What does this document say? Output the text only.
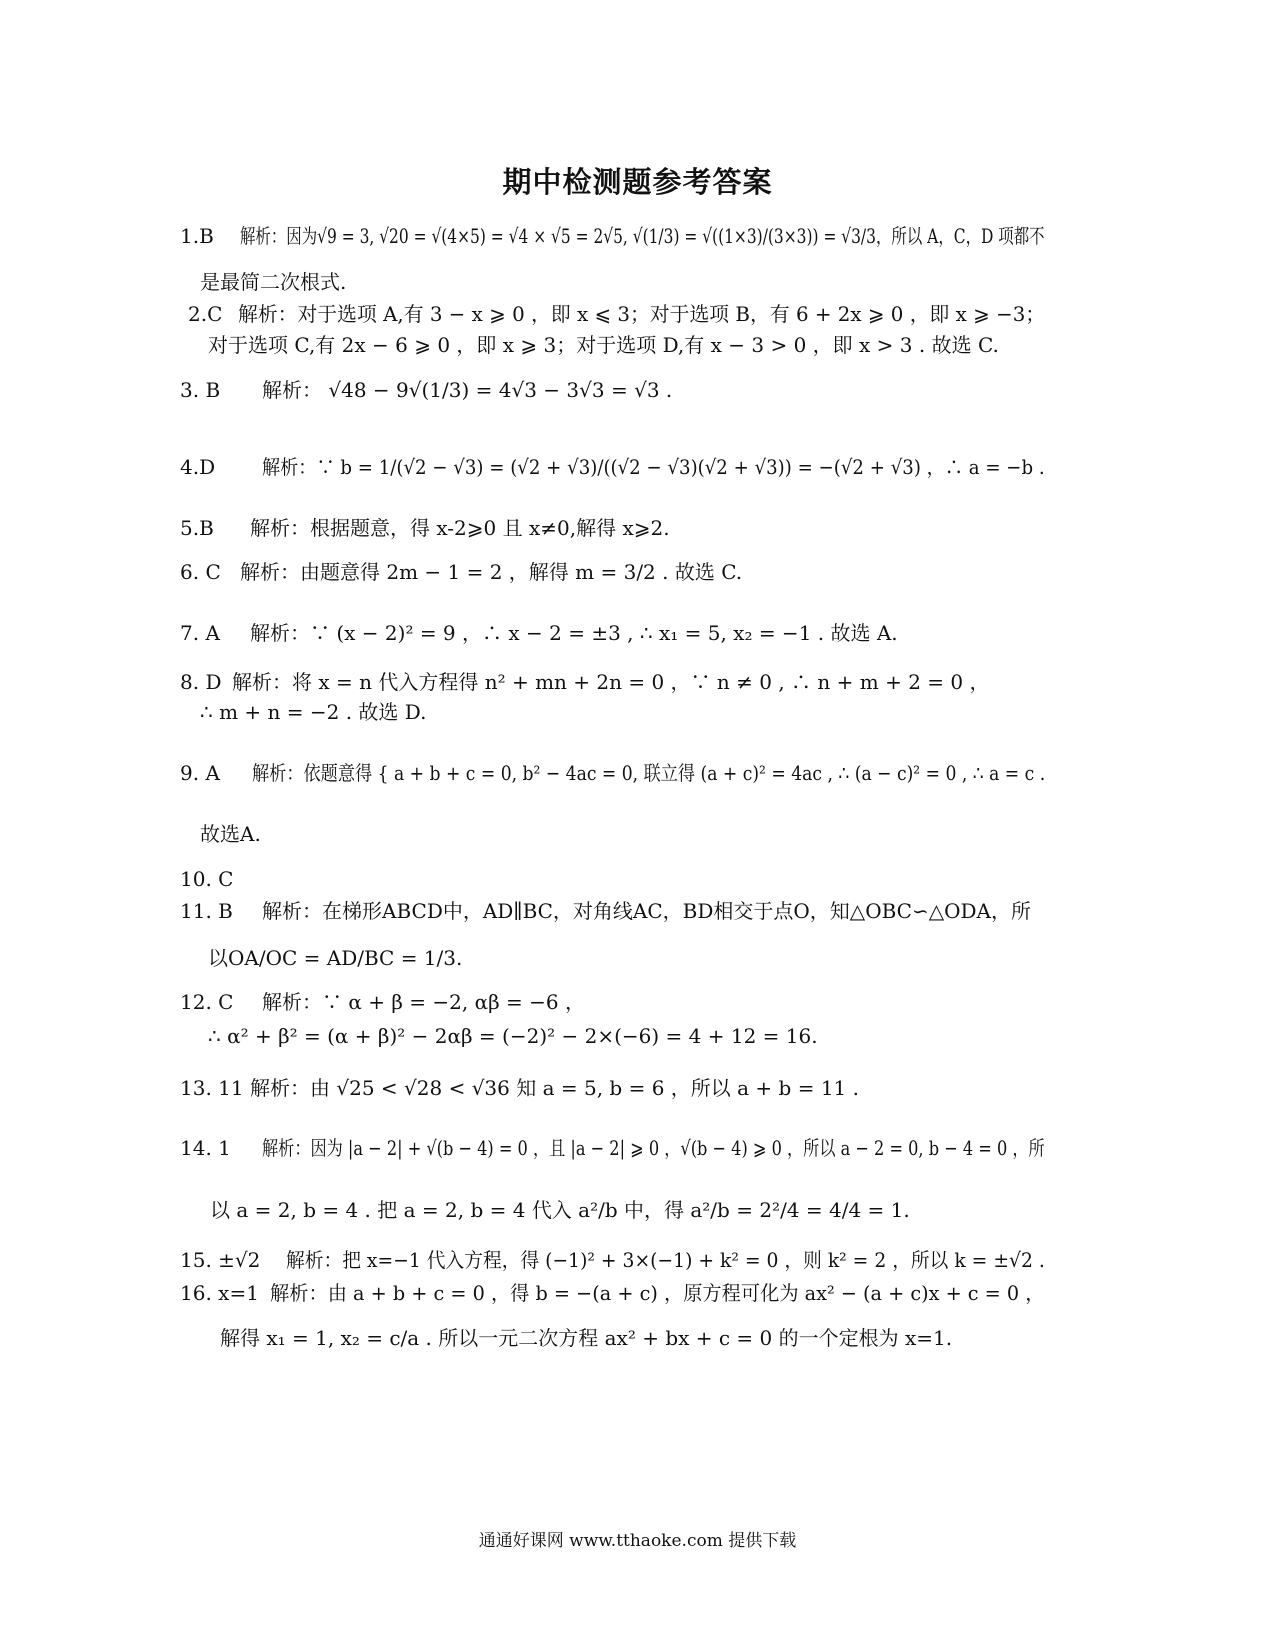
期中检测题参考答案
1.B 解析：因为√9 = 3, √20 = √(4×5) = √4 × √5 = 2√5, √(1/3) = √((1×3)/(3×3)) = √3/3，所以 A，C，D 项都不
是最简二次根式.
2.C 解析：对于选项 A,有 3 − x ⩾ 0 ，即 x ⩽ 3；对于选项 B，有 6 + 2x ⩾ 0 ，即 x ⩾ −3；
对于选项 C,有 2x − 6 ⩾ 0 ，即 x ⩾ 3；对于选项 D,有 x − 3 > 0 ，即 x > 3 . 故选 C.
3. B 解析： √48 − 9√(1/3) = 4√3 − 3√3 = √3 .
4.D 解析：∵ b = 1/(√2 − √3) = (√2 + √3)/((√2 − √3)(√2 + √3)) = −(√2 + √3) ，∴ a = −b .
5.B 解析：根据题意，得 x-2⩾0 且 x≠0,解得 x⩾2.
6. C 解析：由题意得 2m − 1 = 2 ，解得 m = 3/2 . 故选 C.
7. A 解析：∵ (x − 2)² = 9 ，∴ x − 2 = ±3 , ∴ x₁ = 5, x₂ = −1 . 故选 A.
8. D 解析：将 x = n 代入方程得 n² + mn + 2n = 0 ，∵ n ≠ 0 , ∴ n + m + 2 = 0 ，
∴ m + n = −2 . 故选 D.
9. A 解析：依题意得 { a + b + c = 0, b² − 4ac = 0, 联立得 (a + c)² = 4ac , ∴ (a − c)² = 0 , ∴ a = c .
故选A.
10. C
11. B 解析：在梯形ABCD中，AD∥BC，对角线AC，BD相交于点O，知△OBC∽△ODA，所
以OA/OC = AD/BC = 1/3.
12. C 解析：∵ α + β = −2, αβ = −6 ，
∴ α² + β² = (α + β)² − 2αβ = (−2)² − 2×(−6) = 4 + 12 = 16.
13. 11 解析：由 √25 < √28 < √36 知 a = 5, b = 6 ，所以 a + b = 11 .
14. 1 解析：因为 |a − 2| + √(b − 4) = 0 ，且 |a − 2| ⩾ 0 ，√(b − 4) ⩾ 0 ，所以 a − 2 = 0, b − 4 = 0 ，所
以 a = 2, b = 4 . 把 a = 2, b = 4 代入 a²/b 中，得 a²/b = 2²/4 = 4/4 = 1.
15. ±√2 解析：把 x=−1 代入方程，得 (−1)² + 3×(−1) + k² = 0 ，则 k² = 2 ，所以 k = ±√2 .
16. x=1 解析：由 a + b + c = 0 ，得 b = −(a + c) ，原方程可化为 ax² − (a + c)x + c = 0 ，
解得 x₁ = 1, x₂ = c/a . 所以一元二次方程 ax² + bx + c = 0 的一个定根为 x=1.
通通好课网 www.tthaoke.com 提供下载
